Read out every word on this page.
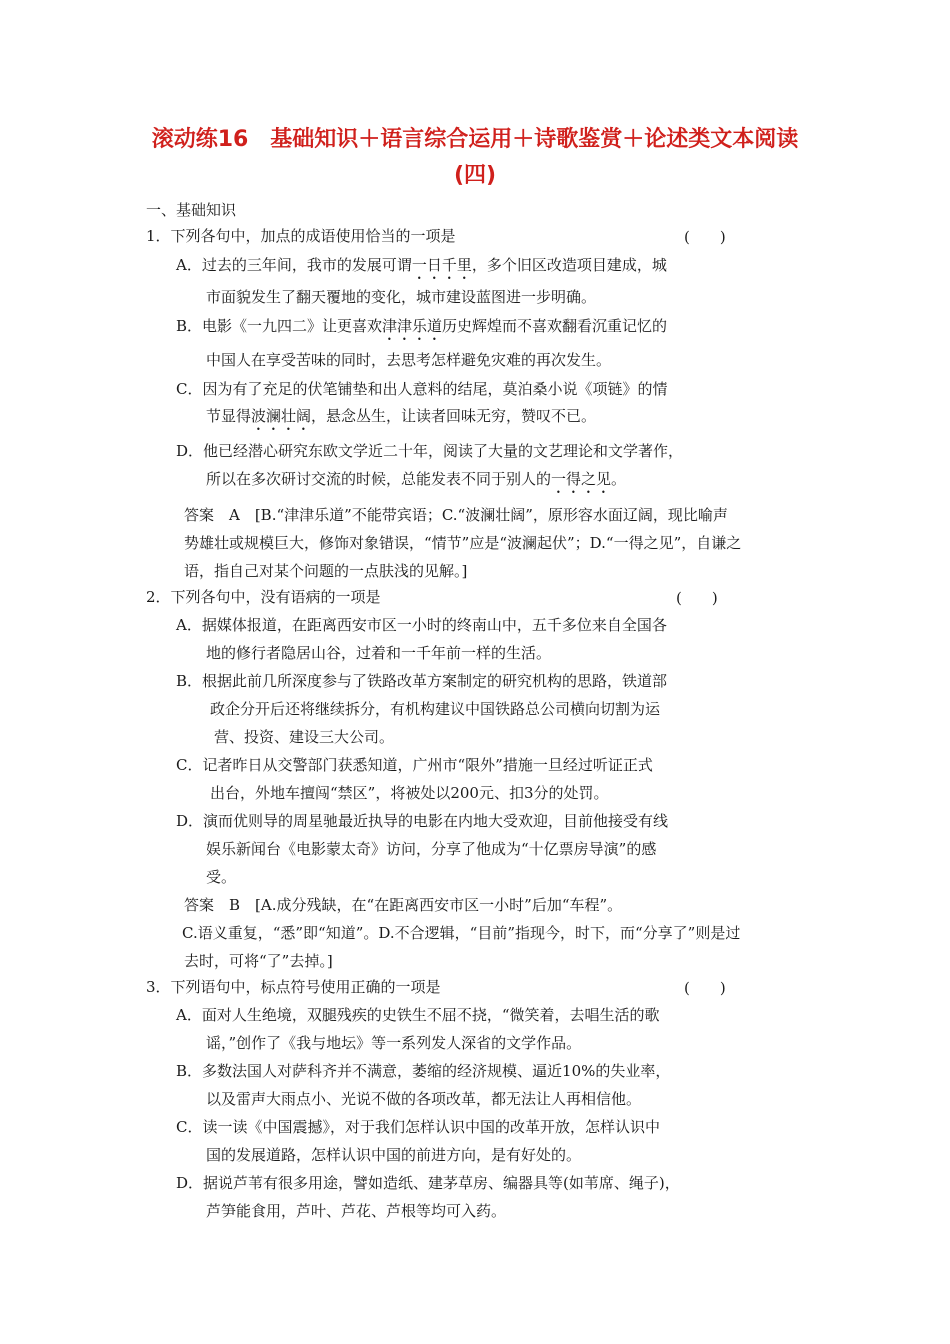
滚动练16　基础知识＋语言综合运用＋诗歌鉴赏＋论述类文本阅读
(四)
一、基础知识
1．下列各句中，加点的成语使用恰当的一项是	(　　)
A．过去的三年间，我市的发展可谓一日千里，多个旧区改造项目建成，城
市面貌发生了翻天覆地的变化，城市建设蓝图进一步明确。
B．电影《一九四二》让更喜欢津津乐道历史辉煌而不喜欢翻看沉重记忆的
中国人在享受苦味的同时，去思考怎样避免灾难的再次发生。
C．因为有了充足的伏笔铺垫和出人意料的结尾，莫泊桑小说《项链》的情
节显得波澜壮阔，悬念丛生，让读者回味无穷，赞叹不已。
D．他已经潜心研究东欧文学近二十年，阅读了大量的文艺理论和文学著作，
所以在多次研讨交流的时候，总能发表不同于别人的一得之见。
答案　A　[B.“津津乐道”不能带宾语；C.“波澜壮阔”，原形容水面辽阔，现比喻声
势雄壮或规模巨大，修饰对象错误，“情节”应是“波澜起伏”；D.“一得之见”，自谦之
语，指自己对某个问题的一点肤浅的见解。]
2．下列各句中，没有语病的一项是	(　　)
A．据媒体报道，在距离西安市区一小时的终南山中，五千多位来自全国各
地的修行者隐居山谷，过着和一千年前一样的生活。
B．根据此前几所深度参与了铁路改革方案制定的研究机构的思路，铁道部
政企分开后还将继续拆分，有机构建议中国铁路总公司横向切割为运
营、投资、建设三大公司。
C．记者昨日从交警部门获悉知道，广州市“限外”措施一旦经过听证正式
出台，外地车擅闯“禁区”，将被处以200元、扣3分的处罚。
D．演而优则导的周星驰最近执导的电影在内地大受欢迎，目前他接受有线
娱乐新闻台《电影蒙太奇》访问，分享了他成为“十亿票房导演”的感
受。
答案　B　[A.成分残缺，在“在距离西安市区一小时”后加“车程”。
C.语义重复，“悉”即“知道”。D.不合逻辑，“目前”指现今，时下，而“分享了”则是过
去时，可将“了”去掉。]
3．下列语句中，标点符号使用正确的一项是	(　　)
A．面对人生绝境，双腿残疾的史铁生不屈不挠，“微笑着，去唱生活的歌
谣，”创作了《我与地坛》等一系列发人深省的文学作品。
B．多数法国人对萨科齐并不满意，萎缩的经济规模、逼近10%的失业率，
以及雷声大雨点小、光说不做的各项改革，都无法让人再相信他。
C．读一读《中国震撼》，对于我们怎样认识中国的改革开放，怎样认识中
国的发展道路，怎样认识中国的前进方向，是有好处的。
D．据说芦苇有很多用途，譬如造纸、建茅草房、编器具等(如苇席、绳子)，
芦笋能食用，芦叶、芦花、芦根等均可入药。
